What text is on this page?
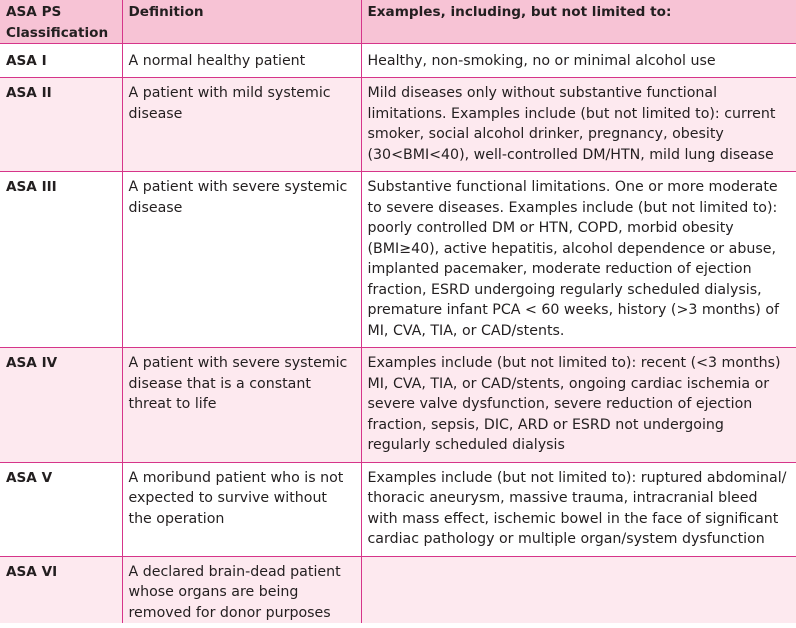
ASA PS Classification	Definition	Examples, including, but not limited to:
ASA I	A normal healthy patient	Healthy, non-smoking, no or minimal alcohol use
ASA II	A patient with mild systemic disease	Mild diseases only without substantive functional limitations. Examples include (but not limited to): current smoker, social alcohol drinker, pregnancy, obesity (30<BMI<40), well-controlled DM/HTN, mild lung disease
ASA III	A patient with severe systemic disease	Substantive functional limitations. One or more moderate to severe diseases. Examples include (but not limited to): poorly controlled DM or HTN, COPD, morbid obesity (BMI≥40), active hepatitis, alcohol dependence or abuse, implanted pacemaker, moderate reduction of ejection fraction, ESRD undergoing regularly scheduled dialysis, premature infant PCA < 60 weeks, history (>3 months) of MI, CVA, TIA, or CAD/stents.
ASA IV	A patient with severe systemic disease that is a constant threat to life	Examples include (but not limited to): recent (<3 months) MI, CVA, TIA, or CAD/stents, ongoing cardiac ischemia or severe valve dysfunction, severe reduction of ejection fraction, sepsis, DIC, ARD or ESRD not undergoing regularly scheduled dialysis
ASA V	A moribund patient who is not expected to survive without the operation	Examples include (but not limited to): ruptured abdominal/ thoracic aneurysm, massive trauma, intracranial bleed with mass effect, ischemic bowel in the face of significant cardiac pathology or multiple organ/system dysfunction
ASA VI	A declared brain-dead patient whose organs are being removed for donor purposes	
